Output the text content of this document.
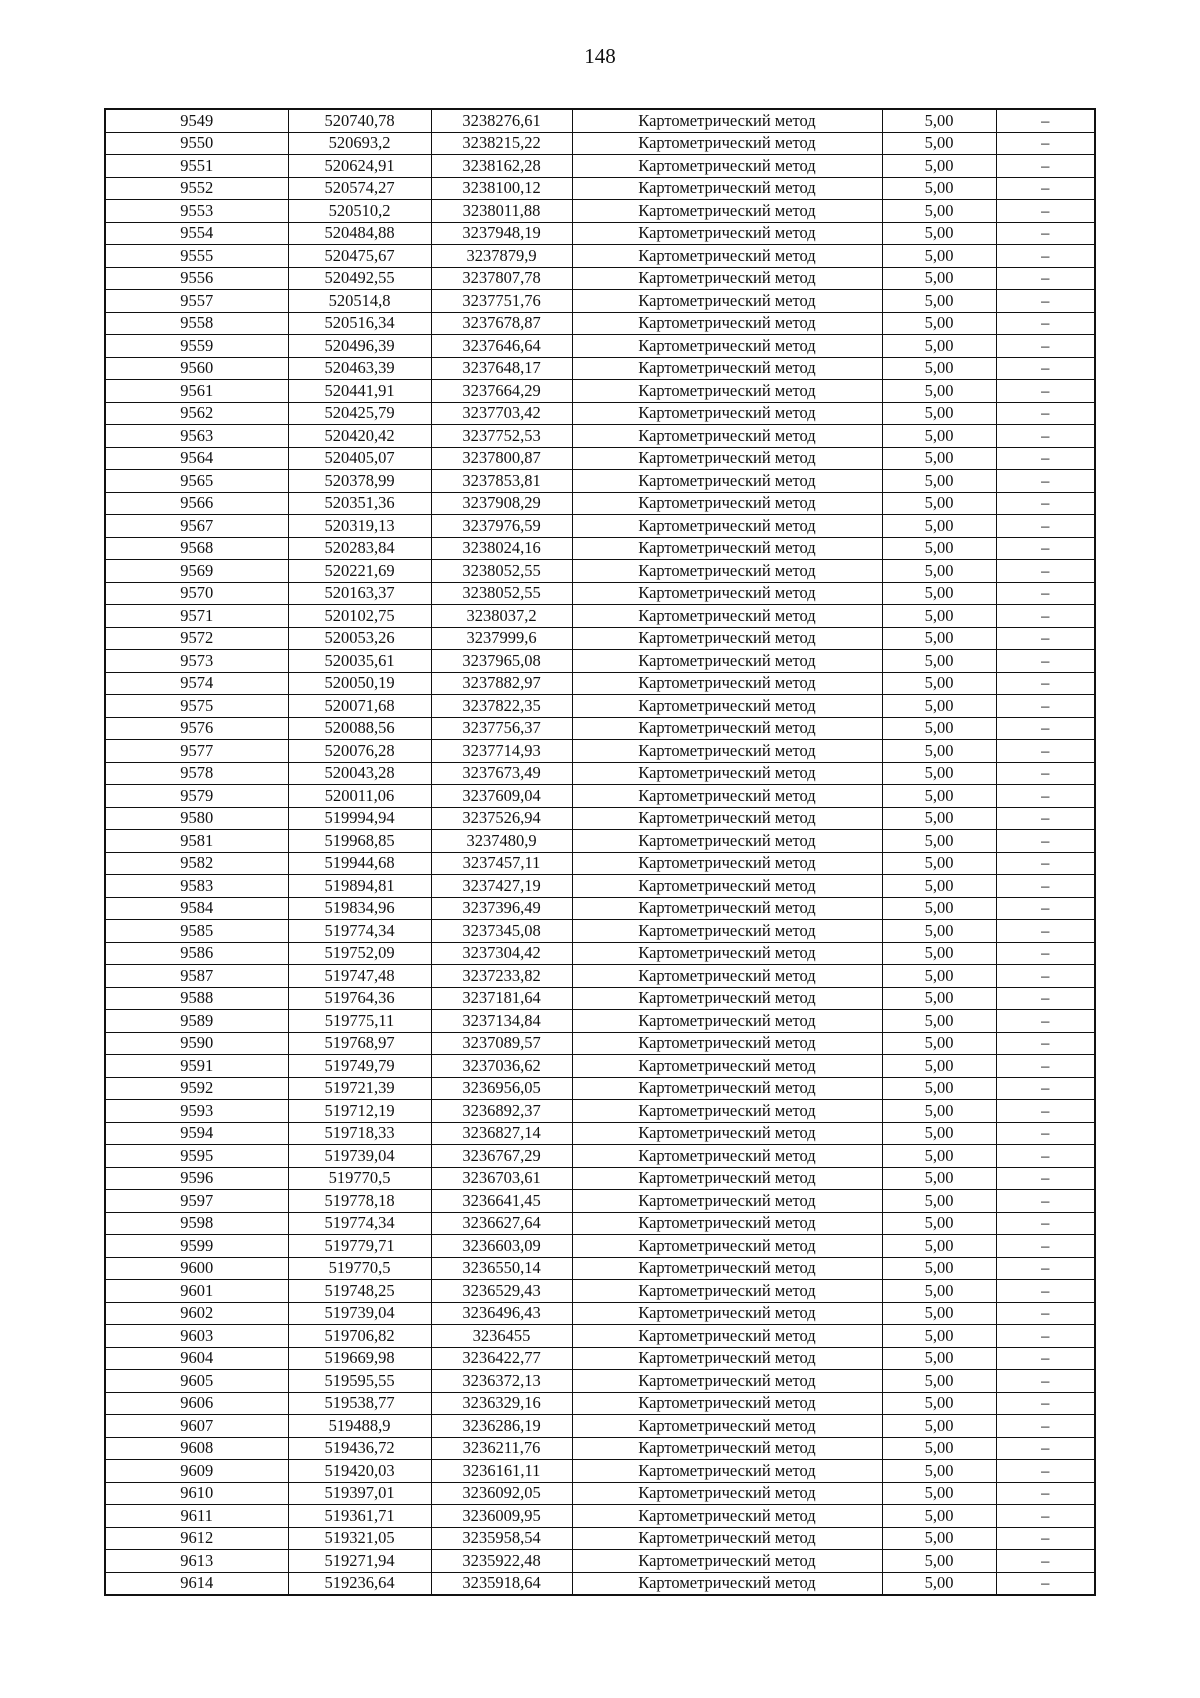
148
9549	520740,78	3238276,61	Картометрический метод	5,00	–
9550	520693,2	3238215,22	Картометрический метод	5,00	–
9551	520624,91	3238162,28	Картометрический метод	5,00	–
9552	520574,27	3238100,12	Картометрический метод	5,00	–
9553	520510,2	3238011,88	Картометрический метод	5,00	–
9554	520484,88	3237948,19	Картометрический метод	5,00	–
9555	520475,67	3237879,9	Картометрический метод	5,00	–
9556	520492,55	3237807,78	Картометрический метод	5,00	–
9557	520514,8	3237751,76	Картометрический метод	5,00	–
9558	520516,34	3237678,87	Картометрический метод	5,00	–
9559	520496,39	3237646,64	Картометрический метод	5,00	–
9560	520463,39	3237648,17	Картометрический метод	5,00	–
9561	520441,91	3237664,29	Картометрический метод	5,00	–
9562	520425,79	3237703,42	Картометрический метод	5,00	–
9563	520420,42	3237752,53	Картометрический метод	5,00	–
9564	520405,07	3237800,87	Картометрический метод	5,00	–
9565	520378,99	3237853,81	Картометрический метод	5,00	–
9566	520351,36	3237908,29	Картометрический метод	5,00	–
9567	520319,13	3237976,59	Картометрический метод	5,00	–
9568	520283,84	3238024,16	Картометрический метод	5,00	–
9569	520221,69	3238052,55	Картометрический метод	5,00	–
9570	520163,37	3238052,55	Картометрический метод	5,00	–
9571	520102,75	3238037,2	Картометрический метод	5,00	–
9572	520053,26	3237999,6	Картометрический метод	5,00	–
9573	520035,61	3237965,08	Картометрический метод	5,00	–
9574	520050,19	3237882,97	Картометрический метод	5,00	–
9575	520071,68	3237822,35	Картометрический метод	5,00	–
9576	520088,56	3237756,37	Картометрический метод	5,00	–
9577	520076,28	3237714,93	Картометрический метод	5,00	–
9578	520043,28	3237673,49	Картометрический метод	5,00	–
9579	520011,06	3237609,04	Картометрический метод	5,00	–
9580	519994,94	3237526,94	Картометрический метод	5,00	–
9581	519968,85	3237480,9	Картометрический метод	5,00	–
9582	519944,68	3237457,11	Картометрический метод	5,00	–
9583	519894,81	3237427,19	Картометрический метод	5,00	–
9584	519834,96	3237396,49	Картометрический метод	5,00	–
9585	519774,34	3237345,08	Картометрический метод	5,00	–
9586	519752,09	3237304,42	Картометрический метод	5,00	–
9587	519747,48	3237233,82	Картометрический метод	5,00	–
9588	519764,36	3237181,64	Картометрический метод	5,00	–
9589	519775,11	3237134,84	Картометрический метод	5,00	–
9590	519768,97	3237089,57	Картометрический метод	5,00	–
9591	519749,79	3237036,62	Картометрический метод	5,00	–
9592	519721,39	3236956,05	Картометрический метод	5,00	–
9593	519712,19	3236892,37	Картометрический метод	5,00	–
9594	519718,33	3236827,14	Картометрический метод	5,00	–
9595	519739,04	3236767,29	Картометрический метод	5,00	–
9596	519770,5	3236703,61	Картометрический метод	5,00	–
9597	519778,18	3236641,45	Картометрический метод	5,00	–
9598	519774,34	3236627,64	Картометрический метод	5,00	–
9599	519779,71	3236603,09	Картометрический метод	5,00	–
9600	519770,5	3236550,14	Картометрический метод	5,00	–
9601	519748,25	3236529,43	Картометрический метод	5,00	–
9602	519739,04	3236496,43	Картометрический метод	5,00	–
9603	519706,82	3236455	Картометрический метод	5,00	–
9604	519669,98	3236422,77	Картометрический метод	5,00	–
9605	519595,55	3236372,13	Картометрический метод	5,00	–
9606	519538,77	3236329,16	Картометрический метод	5,00	–
9607	519488,9	3236286,19	Картометрический метод	5,00	–
9608	519436,72	3236211,76	Картометрический метод	5,00	–
9609	519420,03	3236161,11	Картометрический метод	5,00	–
9610	519397,01	3236092,05	Картометрический метод	5,00	–
9611	519361,71	3236009,95	Картометрический метод	5,00	–
9612	519321,05	3235958,54	Картометрический метод	5,00	–
9613	519271,94	3235922,48	Картометрический метод	5,00	–
9614	519236,64	3235918,64	Картометрический метод	5,00	–
